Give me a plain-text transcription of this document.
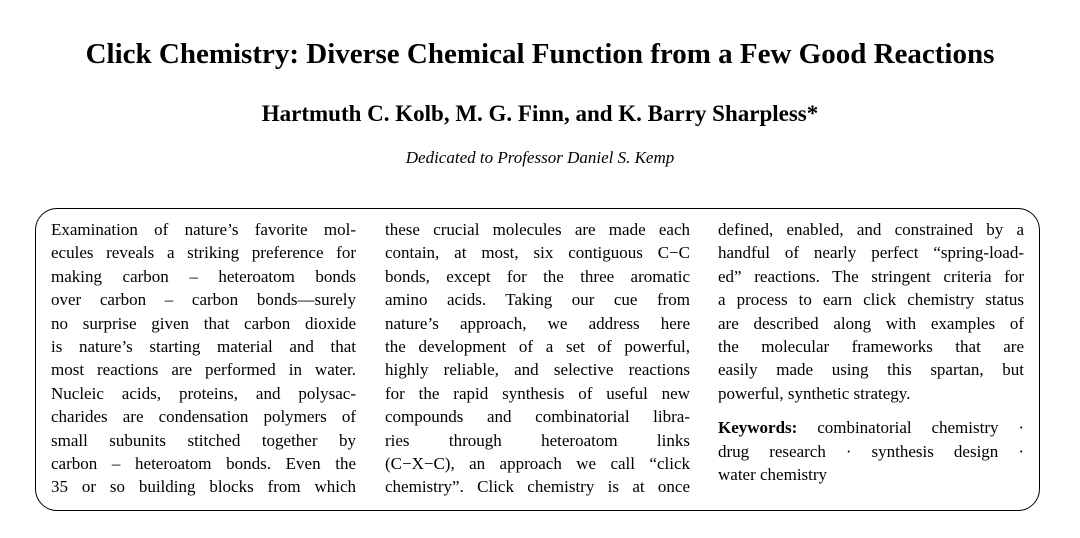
Click Chemistry: Diverse Chemical Function from a Few Good Reactions
Hartmuth C. Kolb, M. G. Finn, and K. Barry Sharpless*
Dedicated to Professor Daniel S. Kemp
Examination of nature’s favorite mol-
ecules reveals a striking preference for
making carbon – heteroatom bonds
over carbon – carbon bonds—surely
no surprise given that carbon dioxide
is nature’s starting material and that
most reactions are performed in water.
Nucleic acids, proteins, and polysac-
charides are condensation polymers of
small subunits stitched together by
carbon – heteroatom bonds. Even the
35 or so building blocks from which
these crucial molecules are made each
contain, at most, six contiguous C−C
bonds, except for the three aromatic
amino acids. Taking our cue from
nature’s approach, we address here
the development of a set of powerful,
highly reliable, and selective reactions
for the rapid synthesis of useful new
compounds and combinatorial libra-
ries through heteroatom links
(C−X−C), an approach we call “click
chemistry”. Click chemistry is at once
defined, enabled, and constrained by a
handful of nearly perfect “spring-load-
ed” reactions. The stringent criteria for
a process to earn click chemistry status
are described along with examples of
the molecular frameworks that are
easily made using this spartan, but
powerful, synthetic strategy.
Keywords: combinatorial chemistry ·
drug research · synthesis design ·
water chemistry
